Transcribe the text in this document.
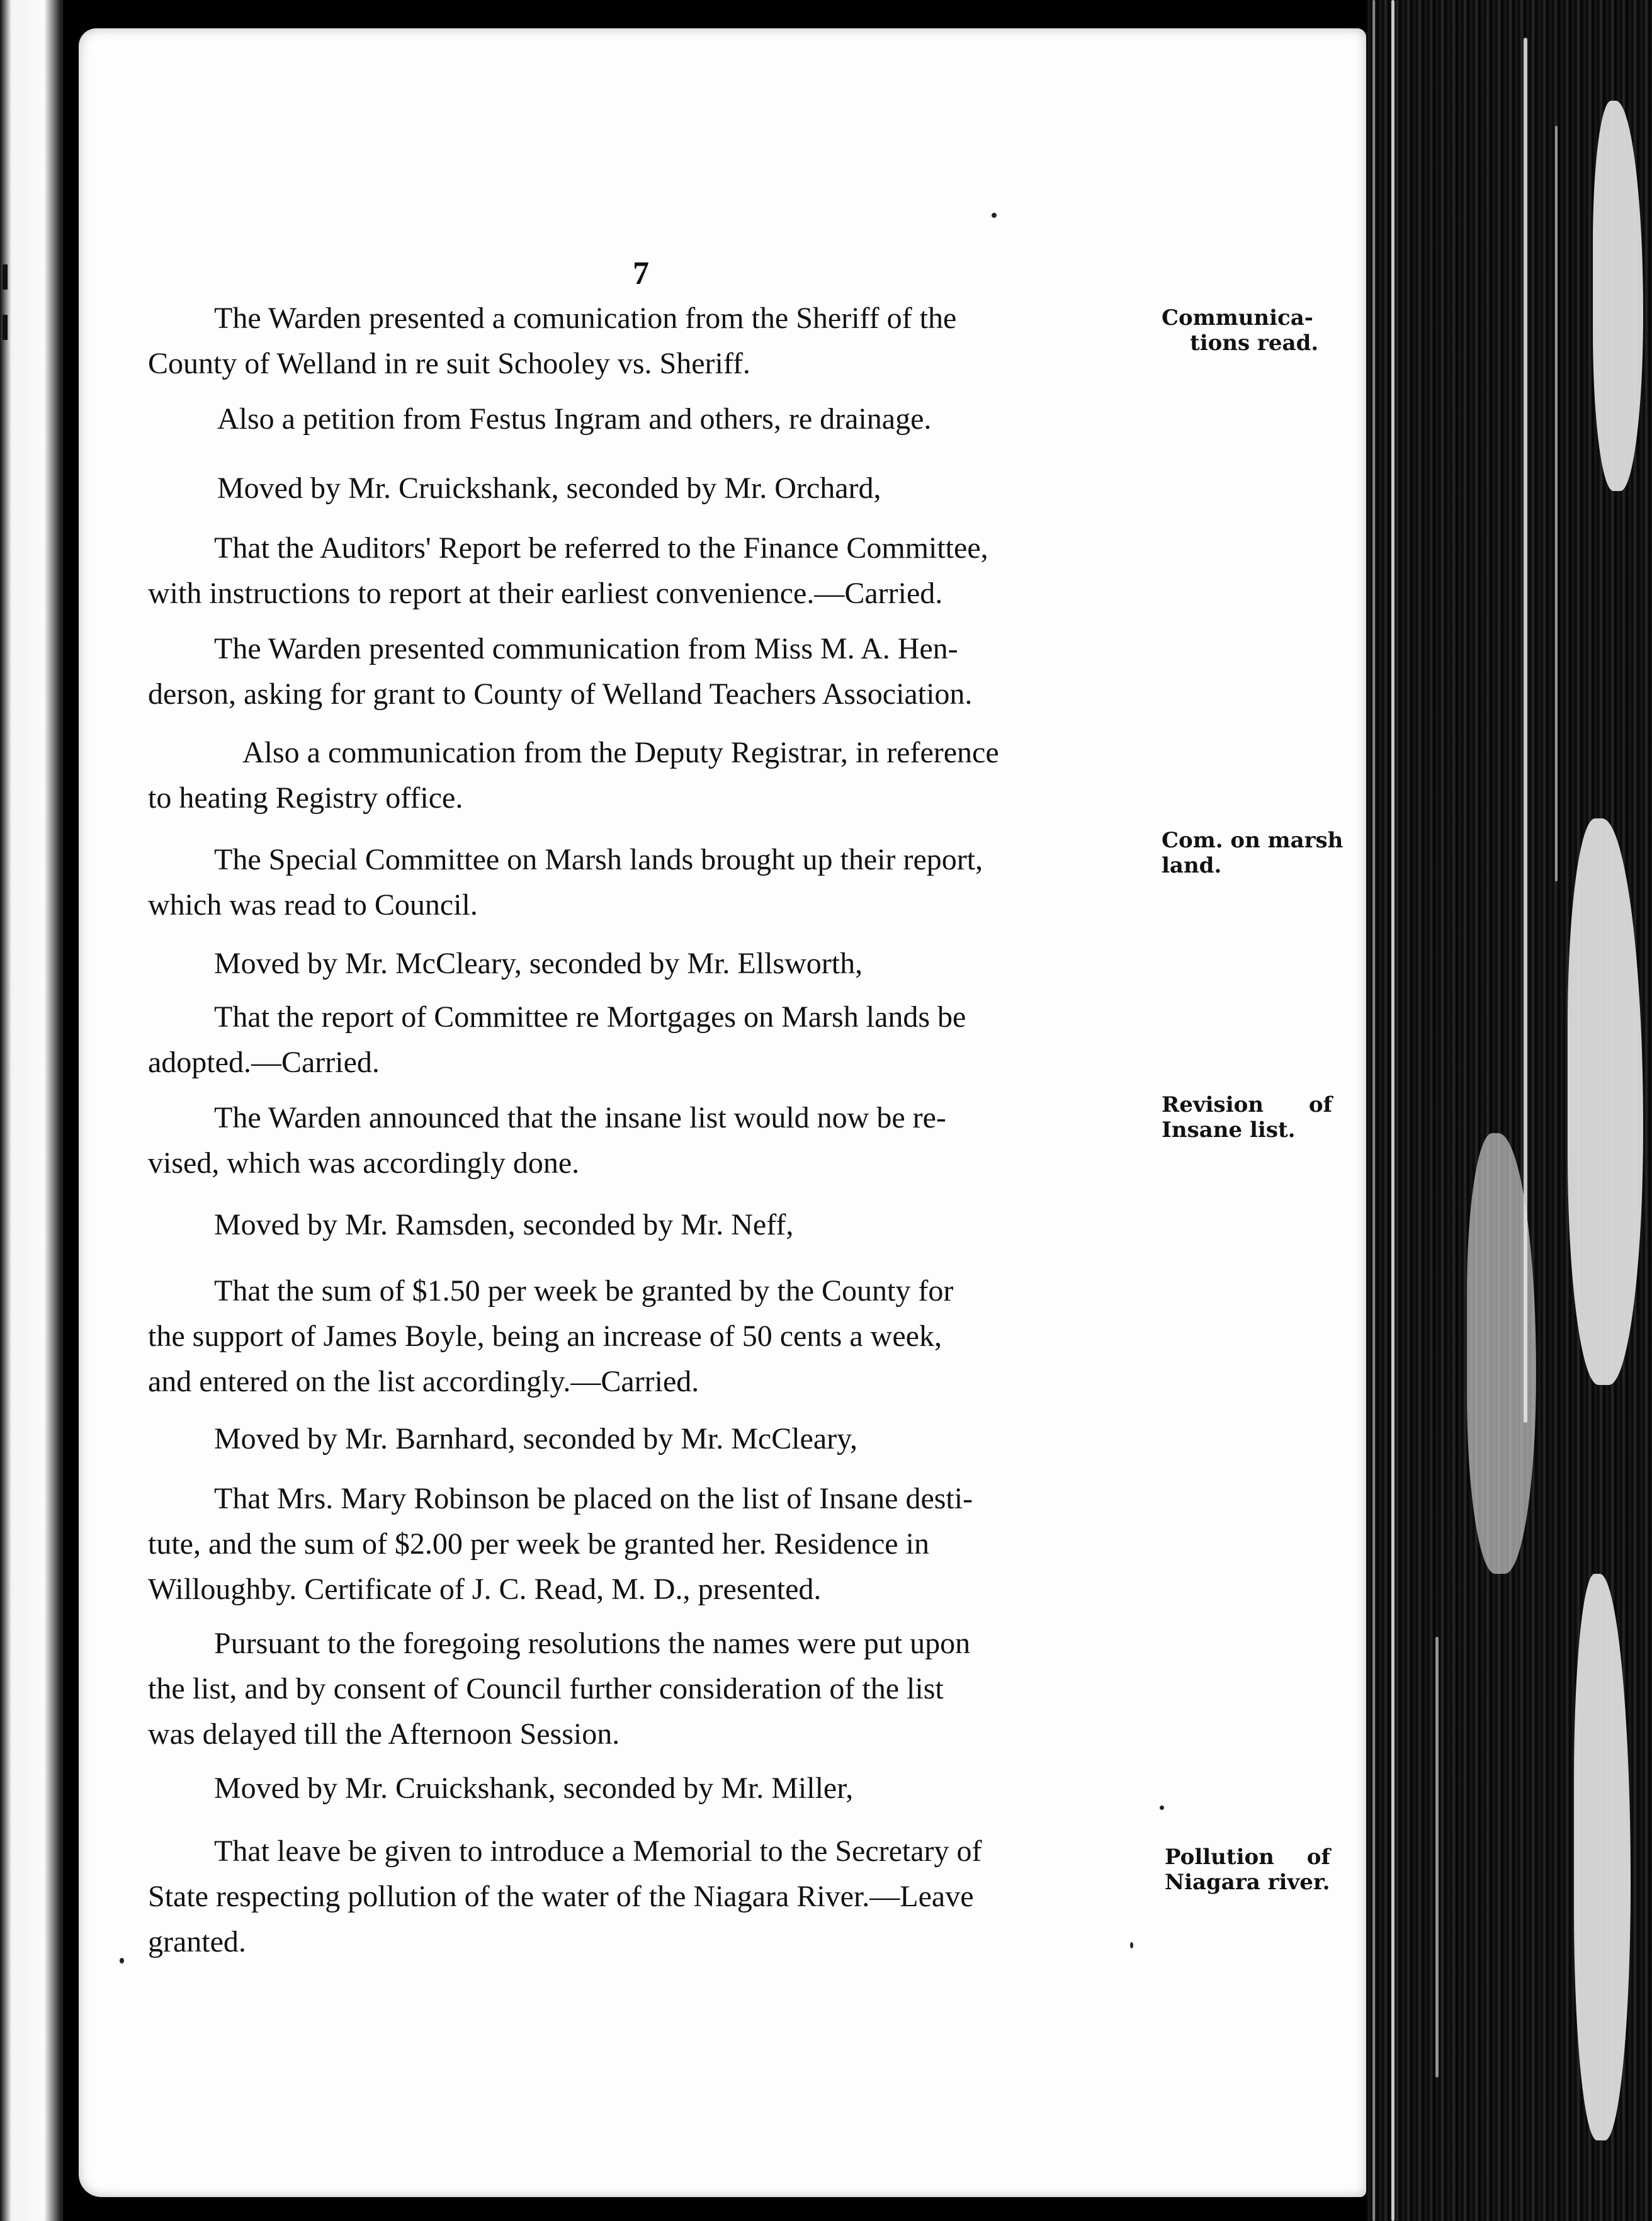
7

The Warden presented a comunication from the Sheriff of the
County of Welland in re suit Schooley vs. Sheriff.

Also a petition from Festus Ingram and others, re drainage.

Moved by Mr. Cruickshank, seconded by Mr. Orchard,

That the Auditors' Report be referred to the Finance Committee,
with instructions to report at their earliest convenience.—Carried.

The Warden presented communication from Miss M. A. Hen-
derson, asking for grant to County of Welland Teachers Association.

Also a communication from the Deputy Registrar, in reference
to heating Registry office.

The Special Committee on Marsh lands brought up their report,
which was read to Council.

Moved by Mr. McCleary, seconded by Mr. Ellsworth,

That the report of Committee re Mortgages on Marsh lands be
adopted.—Carried.

The Warden announced that the insane list would now be re-
vised, which was accordingly done.

Moved by Mr. Ramsden, seconded by Mr. Neff,

That the sum of $1.50 per week be granted by the County for
the support of James Boyle, being an increase of 50 cents a week,
and entered on the list accordingly.—Carried.

Moved by Mr. Barnhard, seconded by Mr. McCleary,

That Mrs. Mary Robinson be placed on the list of Insane desti-
tute, and the sum of $2.00 per week be granted her. Residence in
Willoughby. Certificate of J. C. Read, M. D., presented.

Pursuant to the foregoing resolutions the names were put upon
the list, and by consent of Council further consideration of the list
was delayed till the Afternoon Session.

Moved by Mr. Cruickshank, seconded by Mr. Miller,

That leave be given to introduce a Memorial to the Secretary of
State respecting pollution of the water of the Niagara River.—Leave
granted.

Communica-
tions read.

Com. on marsh
land.

Revision of
Insane list.

Pollution of
Niagara river.
